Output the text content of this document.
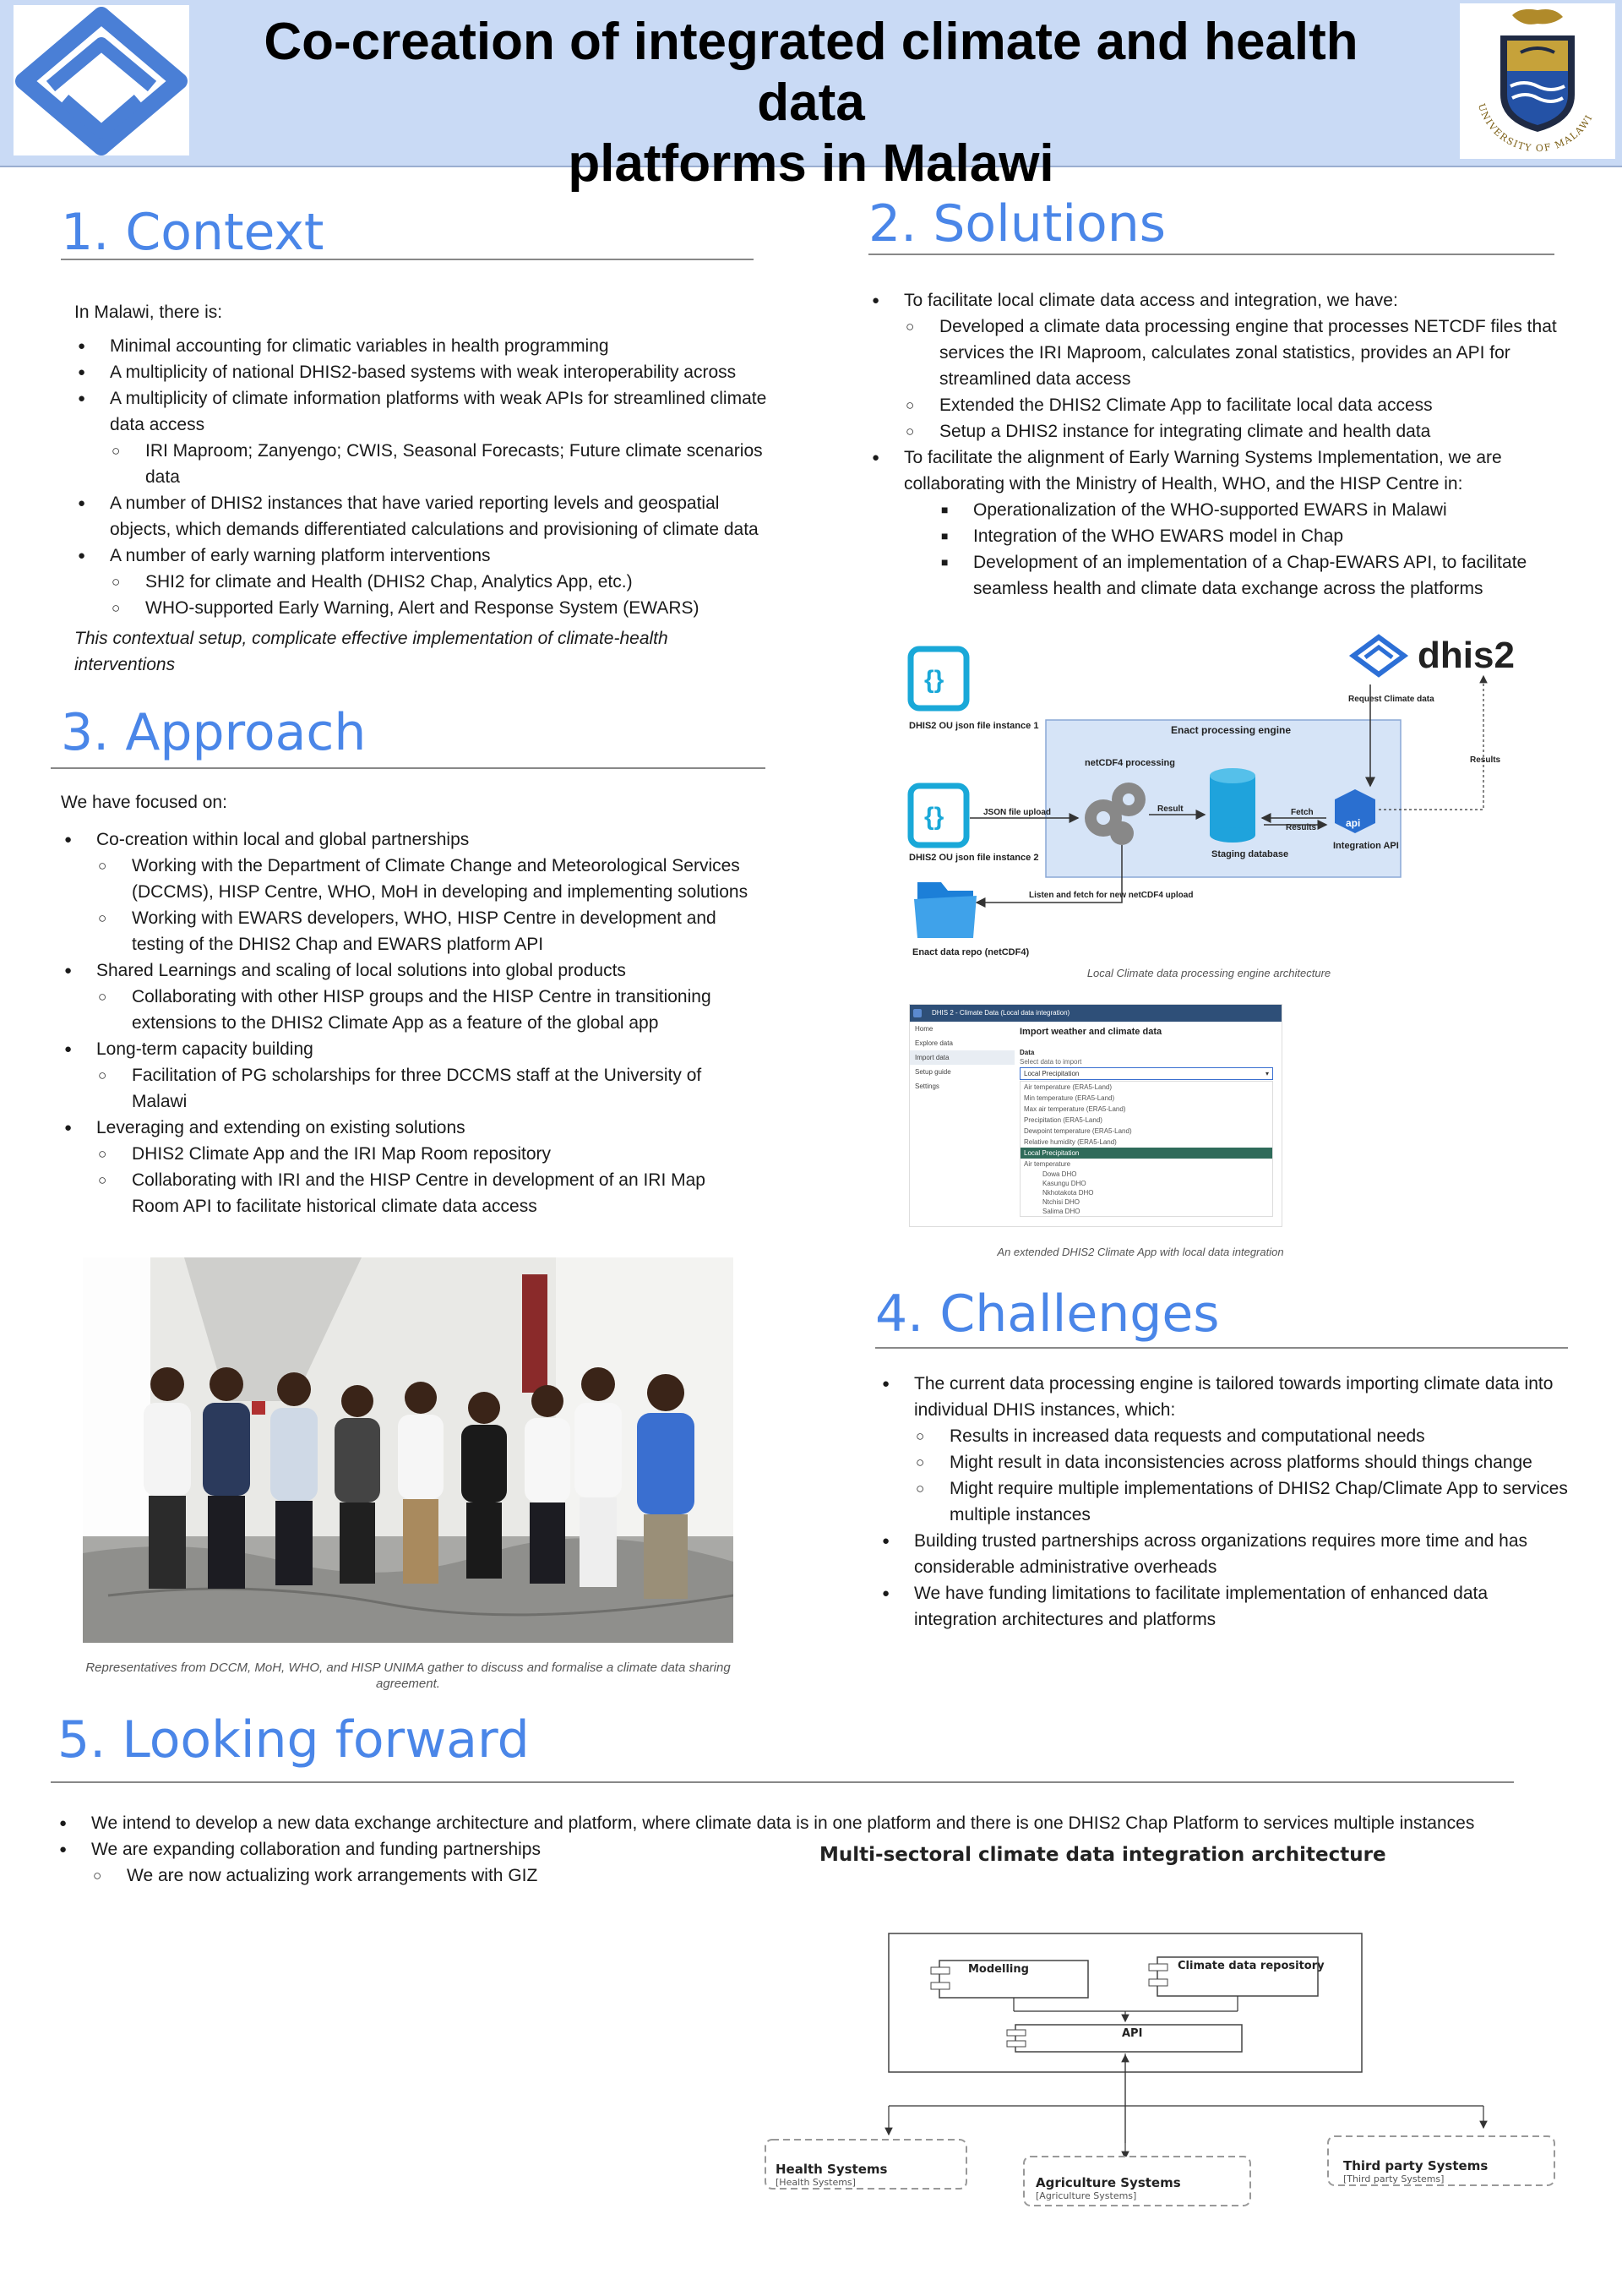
Co-creation of integrated climate and health data
platforms in Malawi
UNIVERSITY OF MALAWI
1. Context
In Malawi, there is:
● Minimal accounting for climatic variables in health programming
● A multiplicity of national DHIS2-based systems with weak interoperability across
● A multiplicity of climate information platforms with weak APIs for streamlined climate data access
○ IRI Maproom; Zanyengo; CWIS, Seasonal Forecasts; Future climate scenarios data
● A number of DHIS2 instances that have varied reporting levels and geospatial objects, which demands differentiated calculations and provisioning of climate data
● A number of early warning platform interventions
○ SHI2 for climate and Health (DHIS2 Chap, Analytics App, etc.)
○ WHO-supported Early Warning, Alert and Response System (EWARS)
This contextual setup, complicate effective implementation of climate-health interventions
3. Approach
We have focused on:
● Co-creation within local and global partnerships
○ Working with the Department of Climate Change and Meteorological Services (DCCMS), HISP Centre, WHO, MoH in developing and implementing solutions
○ Working with EWARS developers, WHO, HISP Centre in development and testing of the DHIS2 Chap and EWARS platform API
● Shared Learnings and scaling of local solutions into global products
○ Collaborating with other HISP groups and the HISP Centre in transitioning extensions to the DHIS2 Climate App as a feature of the global app
● Long-term capacity building
○ Facilitation of PG scholarships for three DCCMS staff at the University of Malawi
● Leveraging and extending on existing solutions
○ DHIS2 Climate App and the IRI Map Room repository
○ Collaborating with IRI and the HISP Centre in development of an IRI Map Room API to facilitate historical climate data access
Representatives from DCCM, MoH, WHO, and HISP UNIMA gather to discuss and formalise a climate data sharing agreement.
2. Solutions
● To facilitate local climate data access and integration, we have:
○ Developed a climate data processing engine that processes NETCDF files that services the IRI Maproom, calculates zonal statistics, provides an API for streamlined data access
○ Extended the DHIS2 Climate App to facilitate local data access
○ Setup a DHIS2 instance for integrating climate and health data
● To facilitate the alignment of Early Warning Systems Implementation, we are collaborating with the Ministry of Health, WHO, and the HISP Centre in:
■ Operationalization of the WHO-supported EWARS in Malawi
■ Integration of the WHO EWARS model in Chap
■ Development of an implementation of a Chap-EWARS API, to facilitate seamless health and climate data exchange across the platforms
dhis2
Request Climate data
Enact processing engine
{}
DHIS2 OU json file instance 1
{}
DHIS2 OU json file instance 2
JSON file upload
netCDF4 processing
Result
Staging database
Fetch
Results	api
Integration API
Results
Listen and fetch for new netCDF4 upload
Enact data repo (netCDF4)
Local Climate data processing engine architecture
DHIS 2 - Climate Data (Local data integration)
Home
Explore data
Import data
Setup guide
Settings
Import weather and climate data
Data
Select data to import
Local Precipitation	▾
Air temperature (ERA5-Land)
Min temperature (ERA5-Land)
Max air temperature (ERA5-Land)
Precipitation (ERA5-Land)
Dewpoint temperature (ERA5-Land)
Relative humidity (ERA5-Land)
Local Precipitation
Air temperature
Dowa DHO
Kasungu DHO
Nkhotakota DHO
Ntchisi DHO
Salima DHO
An extended DHIS2 Climate App with local data integration
4. Challenges
● The current data processing engine is tailored towards importing climate data into individual DHIS instances, which:
○ Results in increased data requests and computational needs
○ Might result in data inconsistencies across platforms should things change
○ Might require multiple implementations of DHIS2 Chap/Climate App to services multiple instances
● Building trusted partnerships across organizations requires more time and has considerable administrative overheads
● We have funding limitations to facilitate implementation of enhanced data integration architectures and platforms
5. Looking forward
● We intend to develop a new data exchange architecture and platform, where climate data is in one platform and there is one DHIS2 Chap Platform to services multiple instances
● We are expanding collaboration and funding partnerships
○ We are now actualizing work arrangements with GIZ
Multi-sectoral climate data integration architecture
Modelling	Climate data repository
API
Health Systems
[Health Systems]	Agriculture Systems
[Agriculture Systems]
Third party Systems
[Third party Systems]
